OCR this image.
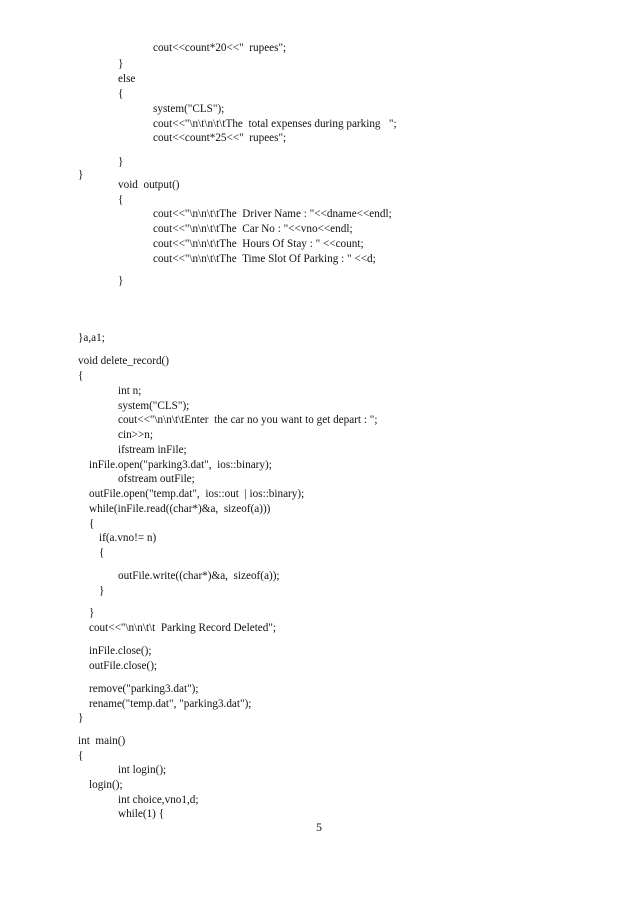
cout<<count*20<<"  rupees";
}
else
{
system("CLS");
cout<<"\n\t\n\t\tThe  total expenses during parking   ";
cout<<count*25<<"  rupees";
}
}
void  output()
{
cout<<"\n\n\t\tThe  Driver Name : "<<dname<<endl;
cout<<"\n\n\t\tThe  Car No : "<<vno<<endl;
cout<<"\n\n\t\tThe  Hours Of Stay : " <<count;
cout<<"\n\n\t\tThe  Time Slot Of Parking : " <<d;
}
}a,a1;
void delete_record()
{
int n;
system("CLS");
cout<<"\n\n\t\tEnter  the car no you want to get depart : ";
cin>>n;
ifstream inFile;
inFile.open("parking3.dat",  ios::binary);
ofstream outFile;
outFile.open("temp.dat",  ios::out  | ios::binary);
while(inFile.read((char*)&a,  sizeof(a)))
{
if(a.vno!= n)
{
outFile.write((char*)&a,  sizeof(a));
}
}
cout<<"\n\n\t\t  Parking Record Deleted";
inFile.close();
outFile.close();
remove("parking3.dat");
rename("temp.dat", "parking3.dat");
}
int  main()
{
int login();
login();
int choice,vno1,d;
while(1) {
5
